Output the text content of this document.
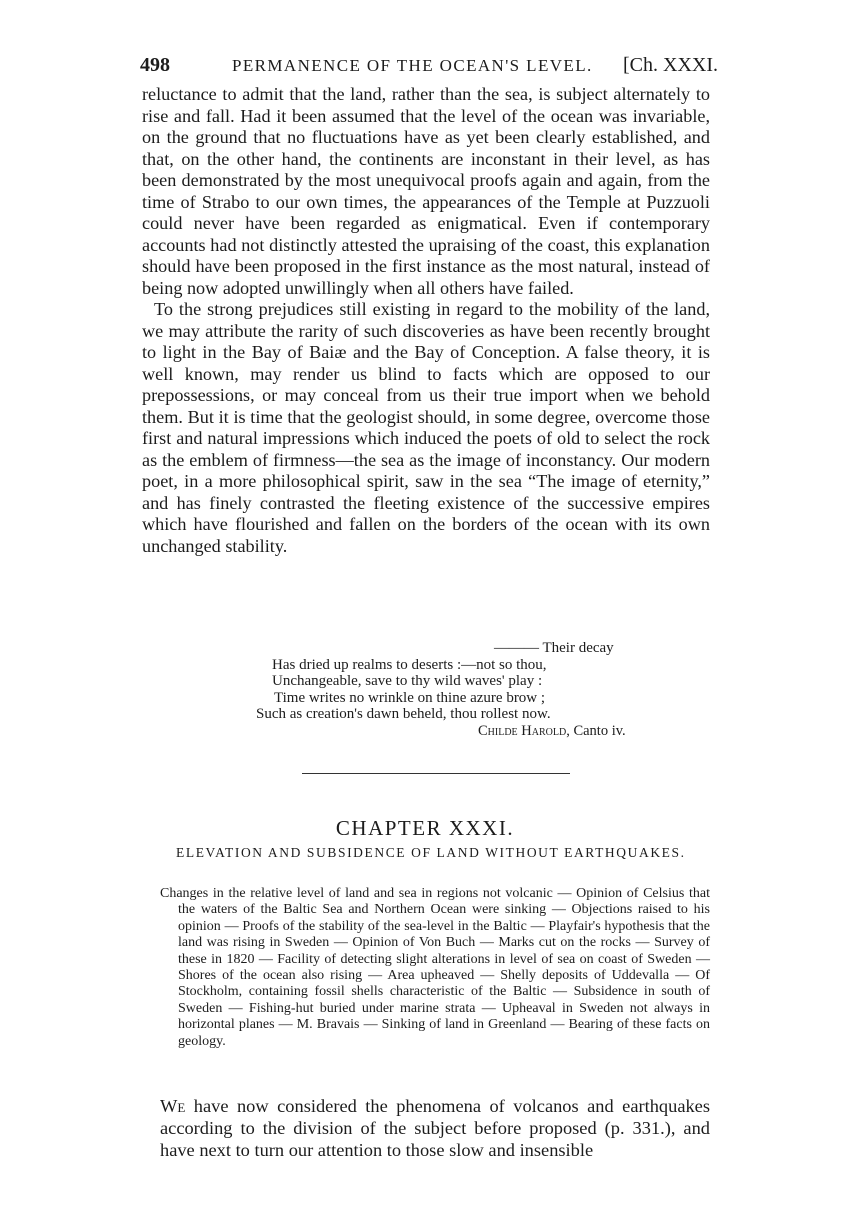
498	PERMANENCE OF THE OCEAN'S LEVEL. [Ch. XXXI.

reluctance to admit that the land, rather than the sea, is subject alternately to rise and fall. Had it been assumed that the level of the ocean was invariable, on the ground that no fluctuations have as yet been clearly established, and that, on the other hand, the continents are inconstant in their level, as has been demonstrated by the most unequivocal proofs again and again, from the time of Strabo to our own times, the appearances of the Temple at Puzzuoli could never have been regarded as enigmatical. Even if contemporary accounts had not distinctly attested the upraising of the coast, this explanation should have been proposed in the first instance as the most natural, instead of being now adopted unwillingly when all others have failed.

To the strong prejudices still existing in regard to the mobility of the land, we may attribute the rarity of such discoveries as have been recently brought to light in the Bay of Baiæ and the Bay of Conception. A false theory, it is well known, may render us blind to facts which are opposed to our prepossessions, or may conceal from us their true import when we behold them. But it is time that the geologist should, in some degree, overcome those first and natural impressions which induced the poets of old to select the rock as the emblem of firmness—the sea as the image of inconstancy. Our modern poet, in a more philosophical spirit, saw in the sea “The image of eternity,” and has finely contrasted the fleeting existence of the successive empires which have flourished and fallen on the borders of the ocean with its own unchanged stability.

——— Their decay
Has dried up realms to deserts :—not so thou,
Unchangeable, save to thy wild waves' play :
Time writes no wrinkle on thine azure brow ;
Such as creation's dawn beheld, thou rollest now.
Childe Harold, Canto iv.
CHAPTER XXXI.
ELEVATION AND SUBSIDENCE OF LAND WITHOUT EARTHQUAKES.
Changes in the relative level of land and sea in regions not volcanic — Opinion of Celsius that the waters of the Baltic Sea and Northern Ocean were sinking — Objections raised to his opinion — Proofs of the stability of the sea-level in the Baltic — Playfair's hypothesis that the land was rising in Sweden — Opinion of Von Buch — Marks cut on the rocks — Survey of these in 1820 — Facility of detecting slight alterations in level of sea on coast of Sweden — Shores of the ocean also rising — Area upheaved — Shelly deposits of Uddevalla — Of Stockholm, containing fossil shells characteristic of the Baltic — Subsidence in south of Sweden — Fishing-hut buried under marine strata — Upheaval in Sweden not always in horizontal planes — M. Bravais — Sinking of land in Greenland — Bearing of these facts on geology.
We have now considered the phenomena of volcanos and earthquakes according to the division of the subject before proposed (p. 331.), and have next to turn our attention to those slow and insensible
